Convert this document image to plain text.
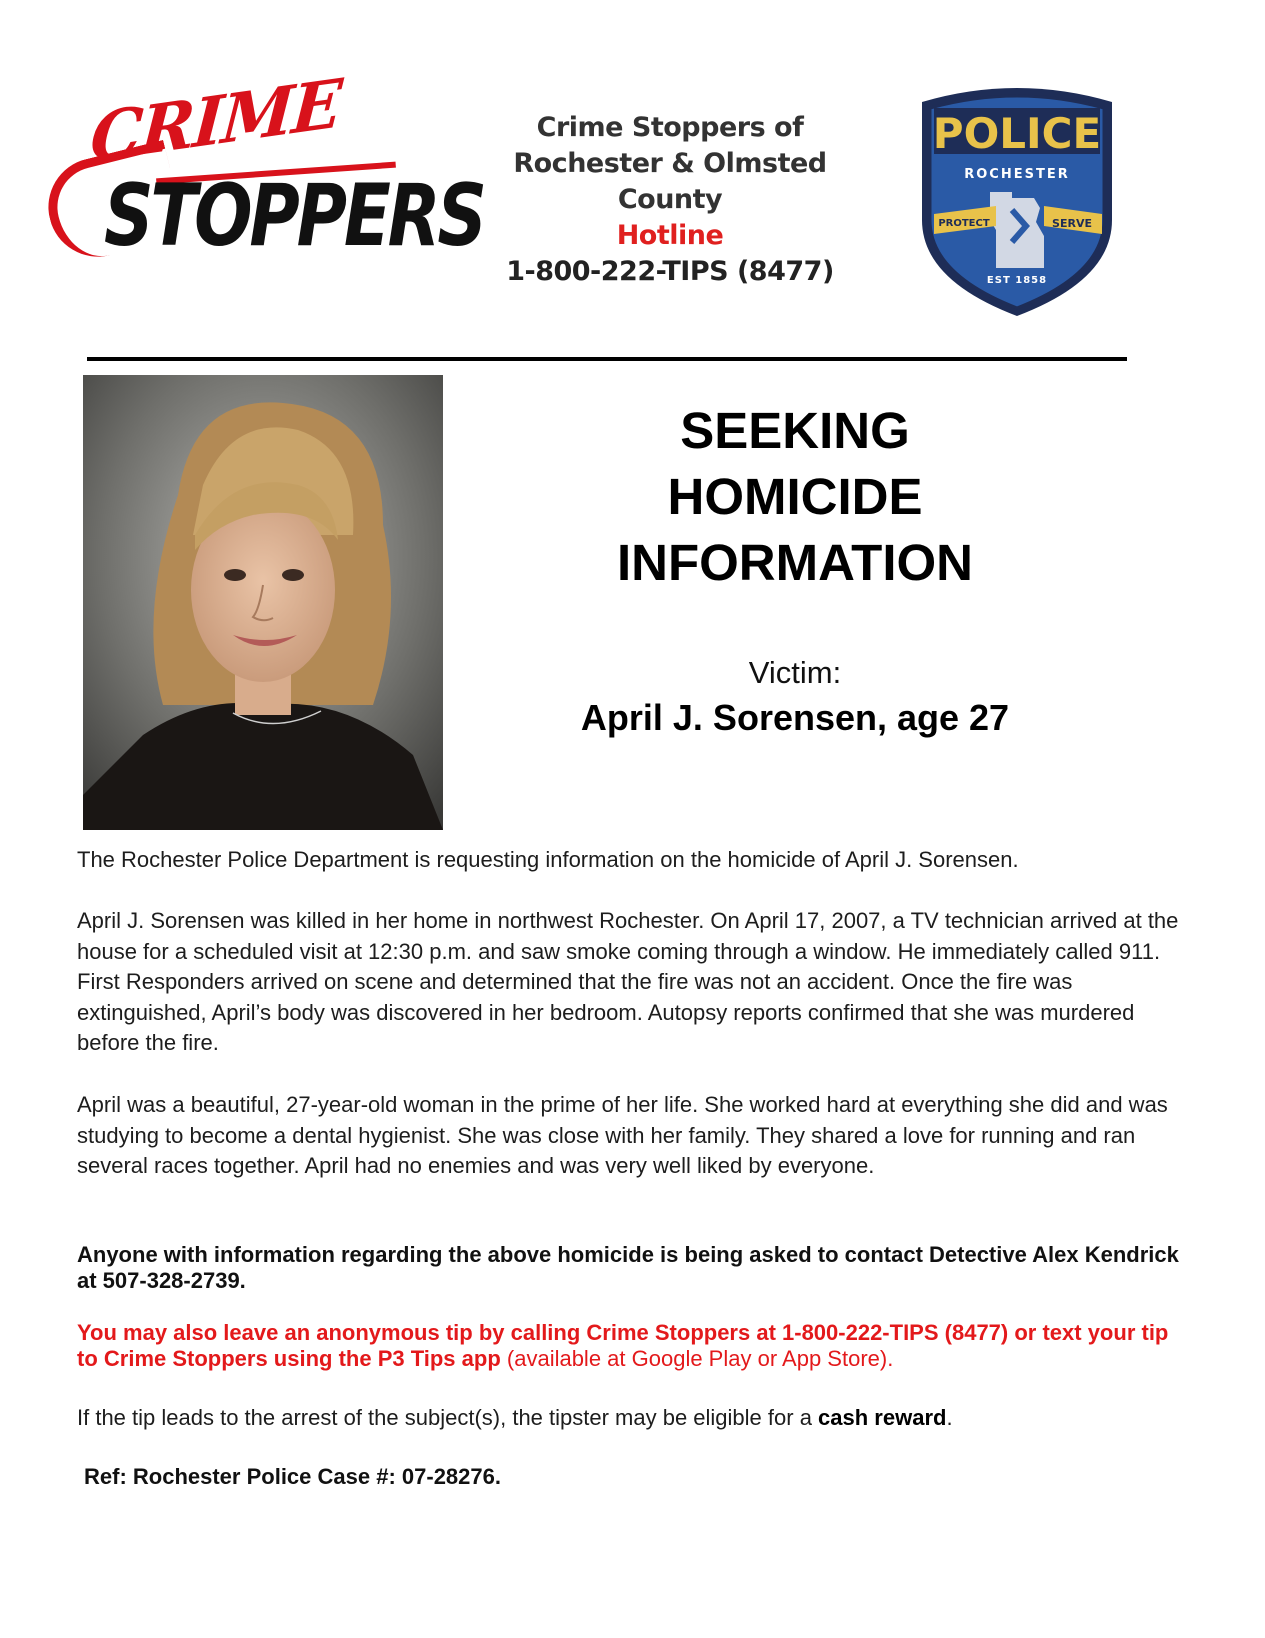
CRIME
STOPPERS
Crime Stoppers of
Rochester & Olmsted County
Hotline
1-800-222-TIPS (8477)
POLICE
ROCHESTER
PROTECT	SERVE
EST 1858
SEEKING
HOMICIDE
INFORMATION
Victim:
April J. Sorensen, age 27
The Rochester Police Department is requesting information on the homicide of April J. Sorensen.
April J. Sorensen was killed in her home in northwest Rochester. On April 17, 2007, a TV technician arrived at the house for a scheduled visit at 12:30 p.m. and saw smoke coming through a window. He immediately called 911. First Responders arrived on scene and determined that the fire was not an accident. Once the fire was extinguished, April’s body was discovered in her bedroom. Autopsy reports confirmed that she was murdered before the fire.
April was a beautiful, 27-year-old woman in the prime of her life. She worked hard at everything she did and was studying to become a dental hygienist. She was close with her family. They shared a love for running and ran several races together. April had no enemies and was very well liked by everyone.
Anyone with information regarding the above homicide is being asked to contact Detective Alex Kendrick at 507-328-2739.
You may also leave an anonymous tip by calling Crime Stoppers at 1-800-222-TIPS (8477) or text your tip to Crime Stoppers using the P3 Tips app (available at Google Play or App Store).
If the tip leads to the arrest of the subject(s), the tipster may be eligible for a cash reward.
Ref: Rochester Police Case #: 07-28276.
